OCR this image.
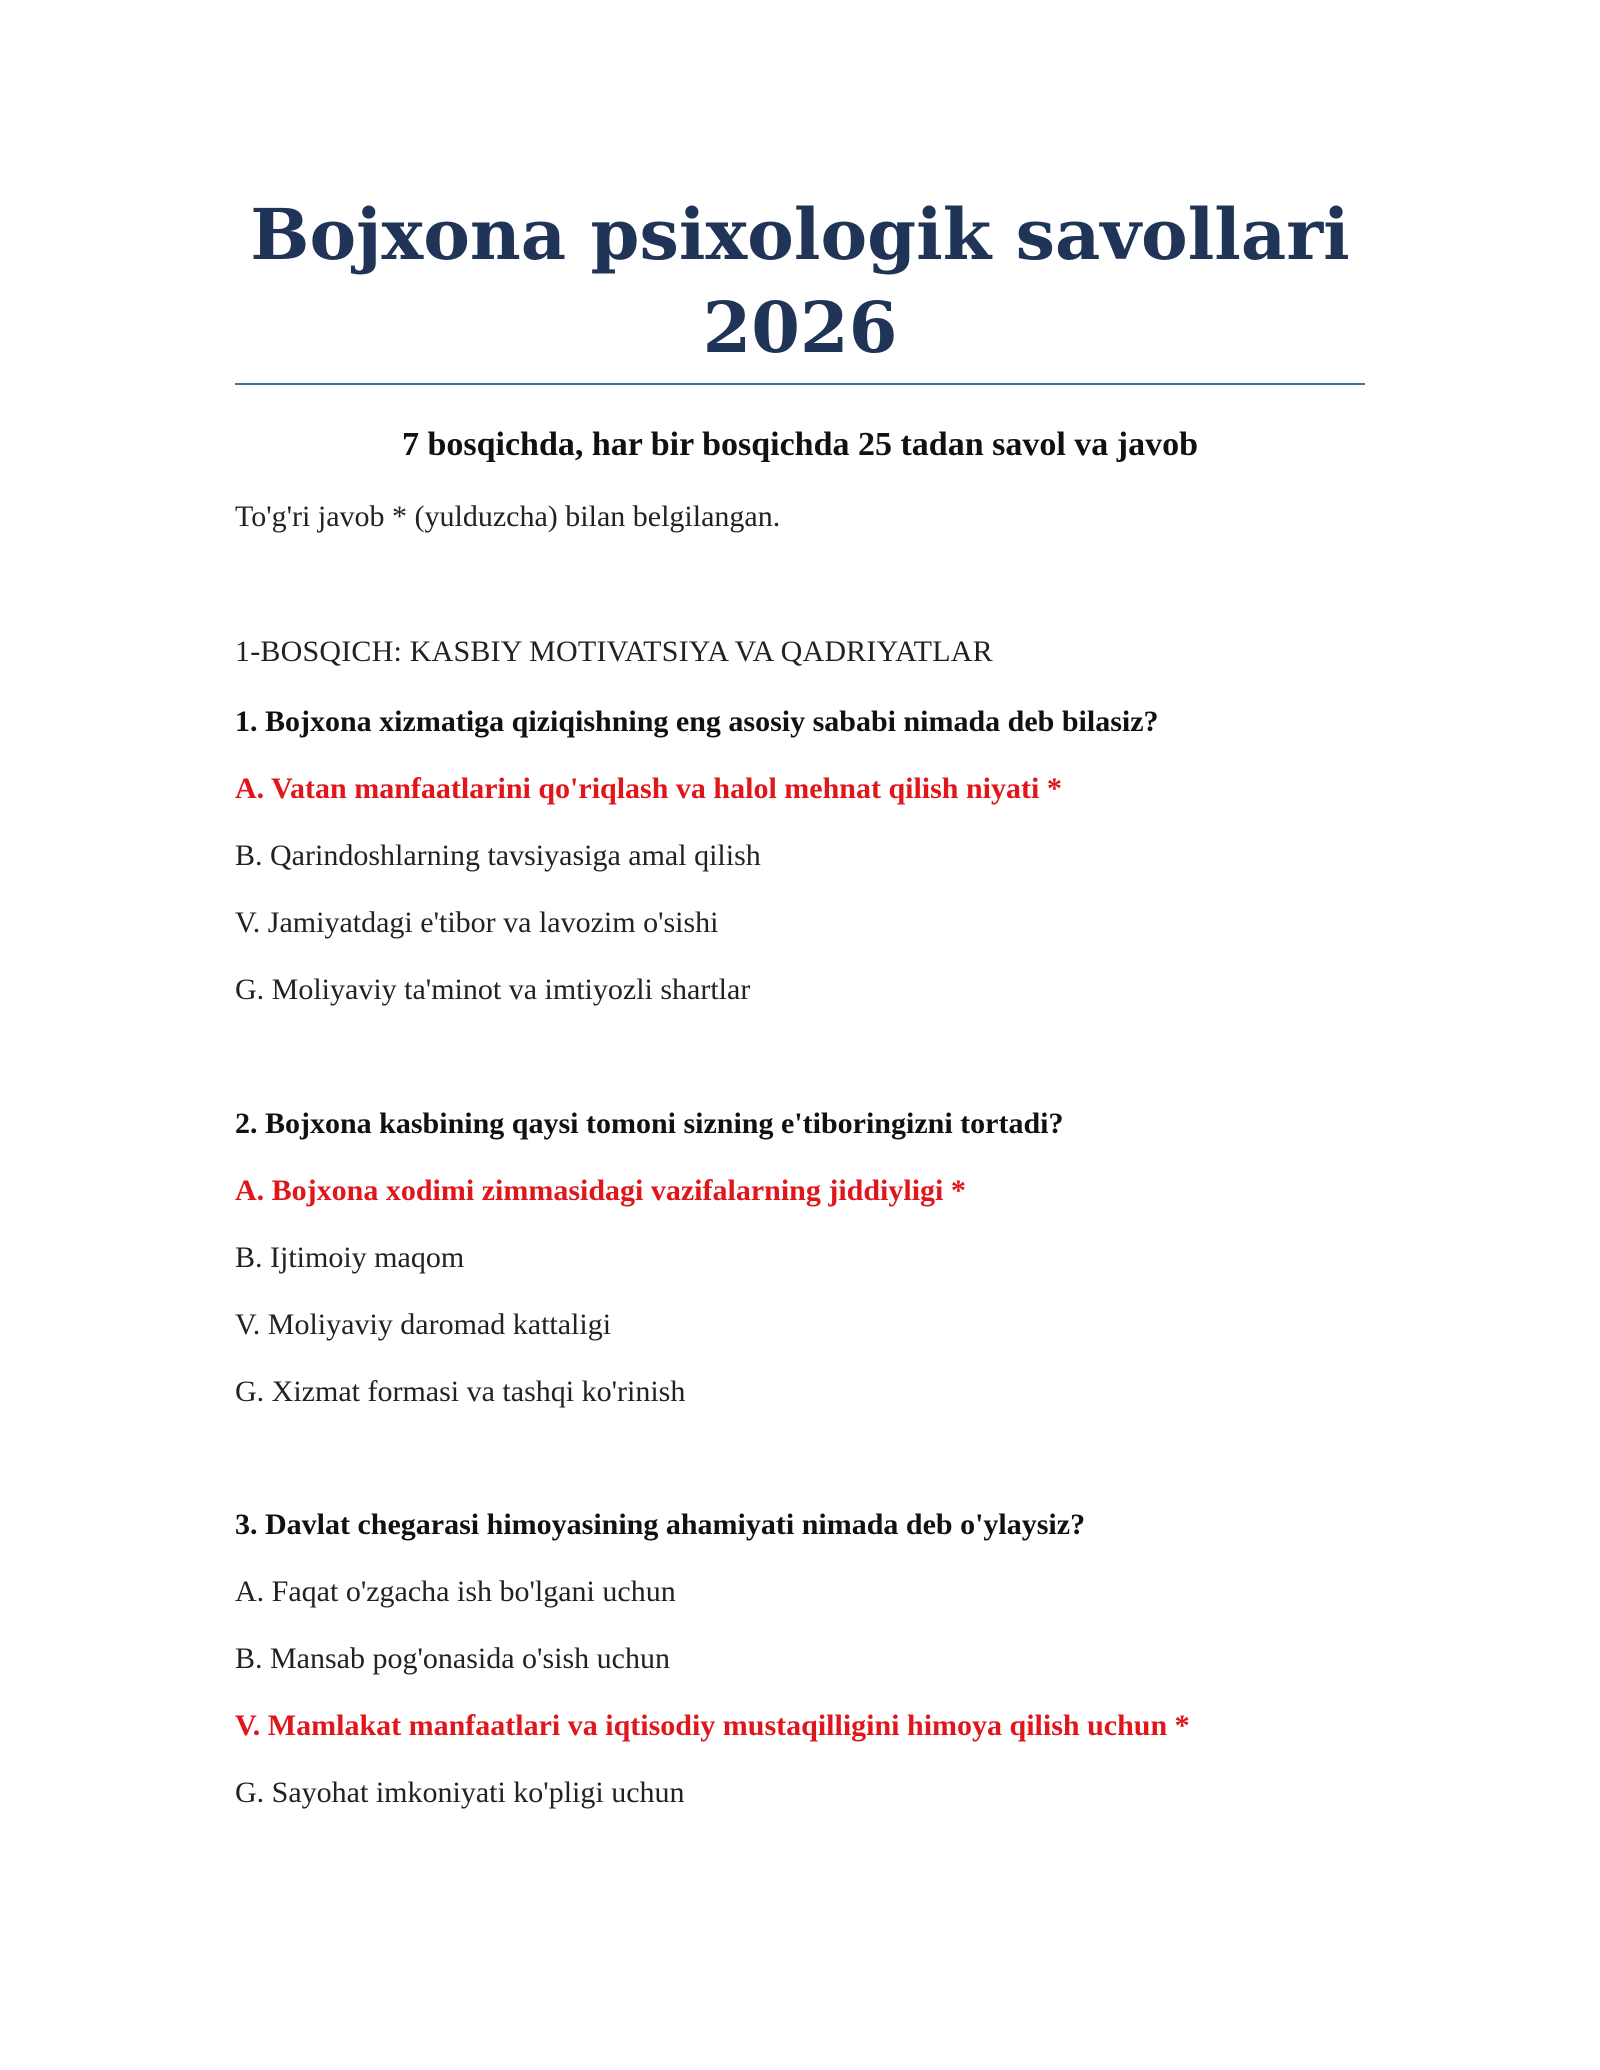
Bojxona psixologik savollari
2026
7 bosqichda, har bir bosqichda 25 tadan savol va javob
To'g'ri javob * (yulduzcha) bilan belgilangan.
1-BOSQICH: KASBIY MOTIVATSIYA VA QADRIYATLAR
1. Bojxona xizmatiga qiziqishning eng asosiy sababi nimada deb bilasiz?
A. Vatan manfaatlarini qo'riqlash va halol mehnat qilish niyati *
B. Qarindoshlarning tavsiyasiga amal qilish
V. Jamiyatdagi e'tibor va lavozim o'sishi
G. Moliyaviy ta'minot va imtiyozli shartlar
2. Bojxona kasbining qaysi tomoni sizning e'tiboringizni tortadi?
A. Bojxona xodimi zimmasidagi vazifalarning jiddiyligi *
B. Ijtimoiy maqom
V. Moliyaviy daromad kattaligi
G. Xizmat formasi va tashqi ko'rinish
3. Davlat chegarasi himoyasining ahamiyati nimada deb o'ylaysiz?
A. Faqat o'zgacha ish bo'lgani uchun
B. Mansab pog'onasida o'sish uchun
V. Mamlakat manfaatlari va iqtisodiy mustaqilligini himoya qilish uchun *
G. Sayohat imkoniyati ko'pligi uchun
